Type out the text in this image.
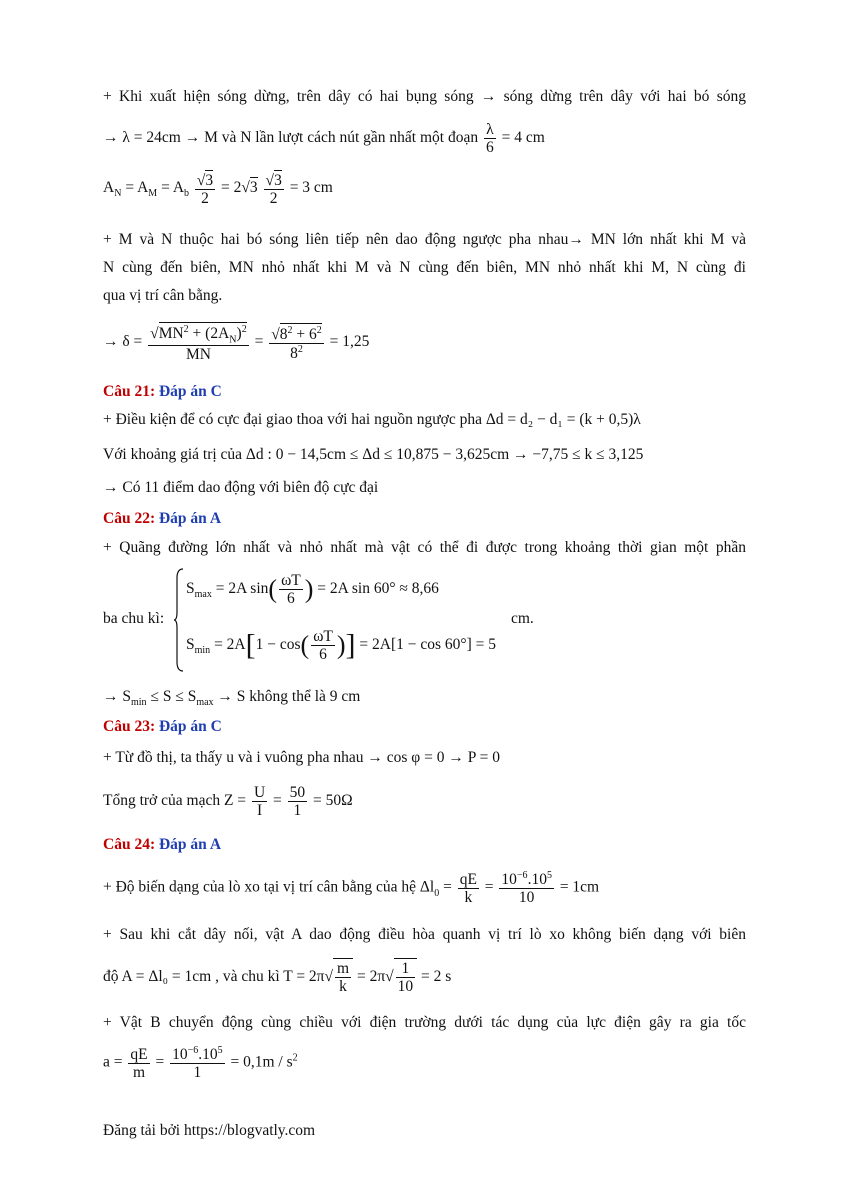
+ Khi xuất hiện sóng dừng, trên dây có hai bụng sóng → sóng dừng trên dây với hai bó sóng
→ λ = 24cm → M và N lần lượt cách nút gần nhất một đoạn $\frac{\lambda}{6} = 4$ cm
$A_N = A_M = A_b \frac{√3}{2} = 2√3 \frac{√3}{2} = 3$ cm
+ M và N thuộc hai bó sóng liên tiếp nên dao động ngược pha nhau→ MN lớn nhất khi M và
N cùng đến biên, MN nhỏ nhất khi M và N cùng đến biên, MN nhỏ nhất khi M, N cùng đi
qua vị trí cân bằng.
→ $\delta = \frac{√MN^2 + (2A_N)^2}{MN} = \frac{√8^2 + 6^2}{8^2} = 1,25$
Câu 21: Đáp án C
+ Điều kiện để có cực đại giao thoa với hai nguồn ngược pha Δd = d₂ − d₁ = (k + 0,5)λ
Với khoảng giá trị của Δd : 0 − 14,5cm ≤ Δd ≤ 10,875 − 3,625cm → −7,75 ≤ k ≤ 3,125
→ Có 11 điểm dao động với biên độ cực đại
Câu 22: Đáp án A
+ Quãng đường lớn nhất và nhỏ nhất mà vật có thể đi được trong khoảng thời gian một phần
ba chu kì:
$S_{max} = 2A$ $\sin( \frac{\omega T}{6}$ ) = 2A sin 60° ≈ 8,66
$S_{min} = 2A[1 - \cos( \frac{\omega T}{6}$ )] = 2A[1 − cos 60°] = 5
cm.
→ $S_{min} \le S \le S_{max} \to S$ không thể là 9 cm
Câu 23: Đáp án C
+ Từ đồ thị, ta thấy u và i vuông pha nhau → cos φ = 0 → P = 0
Tổng trở của mạch $Z = \frac{U}{I} = \frac{50}{1} = 50\Omega$
Câu 24: Đáp án A
+ Độ biến dạng của lò xo tại vị trí cân bằng của hệ $\Delta l_0 = \frac{qE}{k} = \frac{10^{-6}.10^5}{10} = 1cm$
+ Sau khi cắt dây nối, vật A dao động điều hòa quanh vị trí lò xo không biến dạng với biên
độ A = Δl₀ = 1cm , và chu kì $T = 2\pi√ \frac{m}{k} = 2\pi√ \frac{1}{10} = 2$ s
+ Vật B chuyển động cùng chiều với điện trường dưới tác dụng của lực điện gây ra gia tốc
$a = \frac{qE}{m} = \frac{10^{-6}.10^5}{1} = 0,1m / s^2$
Đăng tải bởi https://blogvatly.com
